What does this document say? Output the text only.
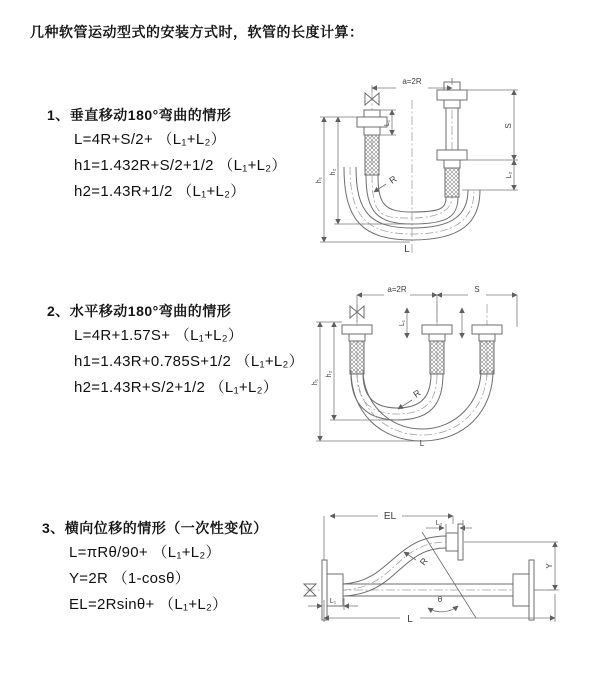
几种软管运动型式的安装方式时，软管的长度计算：
1、垂直移动180°弯曲的情形
L=4R+S/2+ （L₁+L₂）
h1=1.432R+S/2+1/2 （L₁+L₂）
h2=1.43R+1/2 （L₁+L₂）
2、水平移动180°弯曲的情形
L=4R+1.57S+ （L₁+L₂）
h1=1.43R+0.785S+1/2 （L₁+L₂）
h2=1.43R+S/2+1/2 （L₁+L₂）
3、横向位移的情形（一次性变位）
L=πRθ/90+ （L₁+L₂）
Y=2R （1-cosθ）
EL=2Rsinθ+ （L₁+L₂）
a=2R
h₁
h₂
L₁	S
L₂
R
L
a=2R	S
L₁
h₁
h₂
R
L
EL
L₂
Y
L
L₁
R
θ
